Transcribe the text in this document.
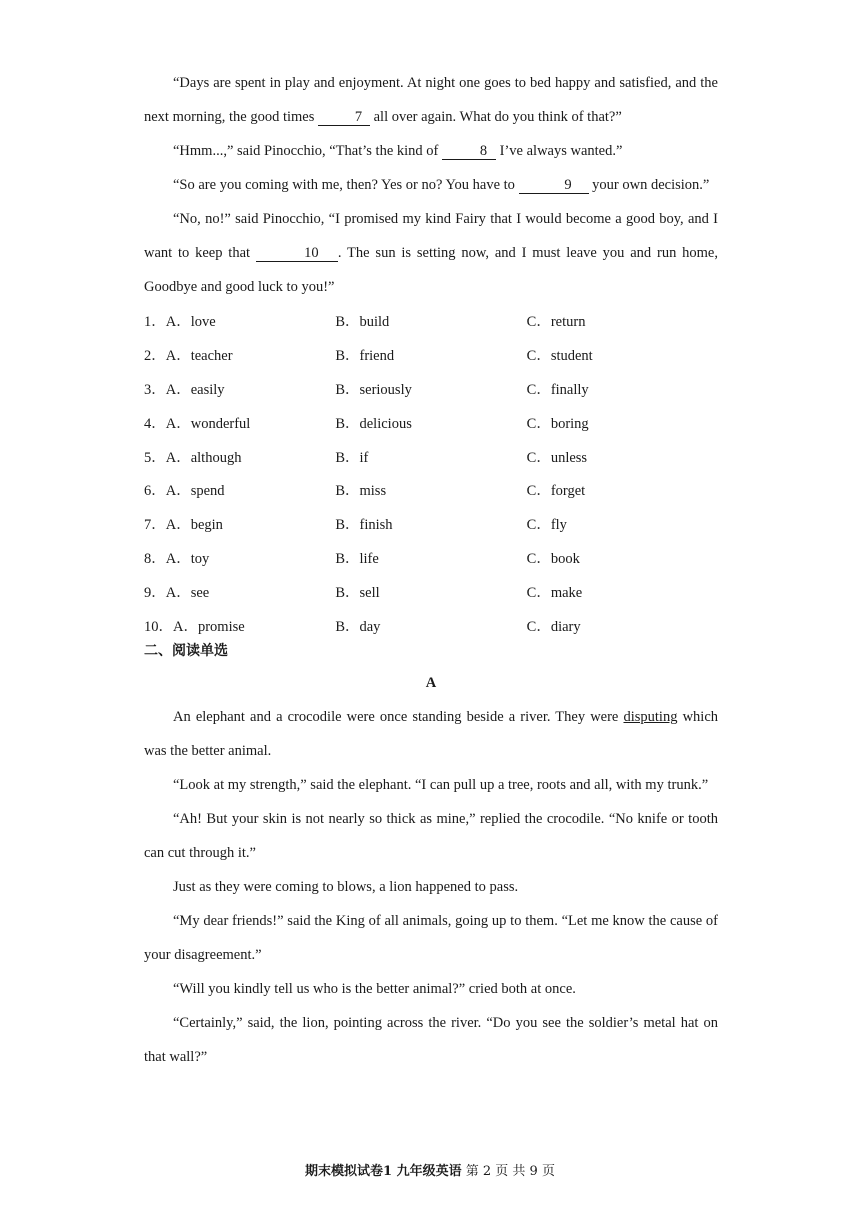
“Days are spent in play and enjoyment. At night one goes to bed happy and satisfied, and the next morning, the good times	7 all over again. What do you think of that?”

“Hmm...,” said Pinocchio, “That’s the kind of	8 I’ve always wanted.”

“So are you coming with me, then? Yes or no? You have to	9 your own decision.”

“No, no!” said Pinocchio, “I promised my kind Fairy that I would become a good boy, and I want to keep that	10 . The sun is setting now, and I must leave you and run home, Goodbye and good luck to you!”

1．A．love	B．build	C．return
2．A．teacher	B．friend	C．student
3．A．easily	B．seriously	C．finally
4．A．wonderful	B．delicious	C．boring
5．A．although	B．if	C．unless
6．A．spend	B．miss	C．forget
7．A．begin	B．finish	C．fly
8．A．toy	B．life	C．book
9．A．see	B．sell	C．make
10．A．promise	B．day	C．diary
二、阅读单选
A

An elephant and a crocodile were once standing beside a river. They were disputing which was the better animal.

“Look at my strength,” said the elephant. “I can pull up a tree, roots and all, with my trunk.”

“Ah! But your skin is not nearly so thick as mine,” replied the crocodile. “No knife or tooth can cut through it.”

Just as they were coming to blows, a lion happened to pass.

“My dear friends!” said the King of all animals, going up to them. “Let me know the cause of your disagreement.”

“Will you kindly tell us who is the better animal?” cried both at once.

“Certainly,” said, the lion, pointing across the river. “Do you see the soldier’s metal hat on that wall?”

期末模拟试卷1 九年级英语 第 2 页 共 9 页
